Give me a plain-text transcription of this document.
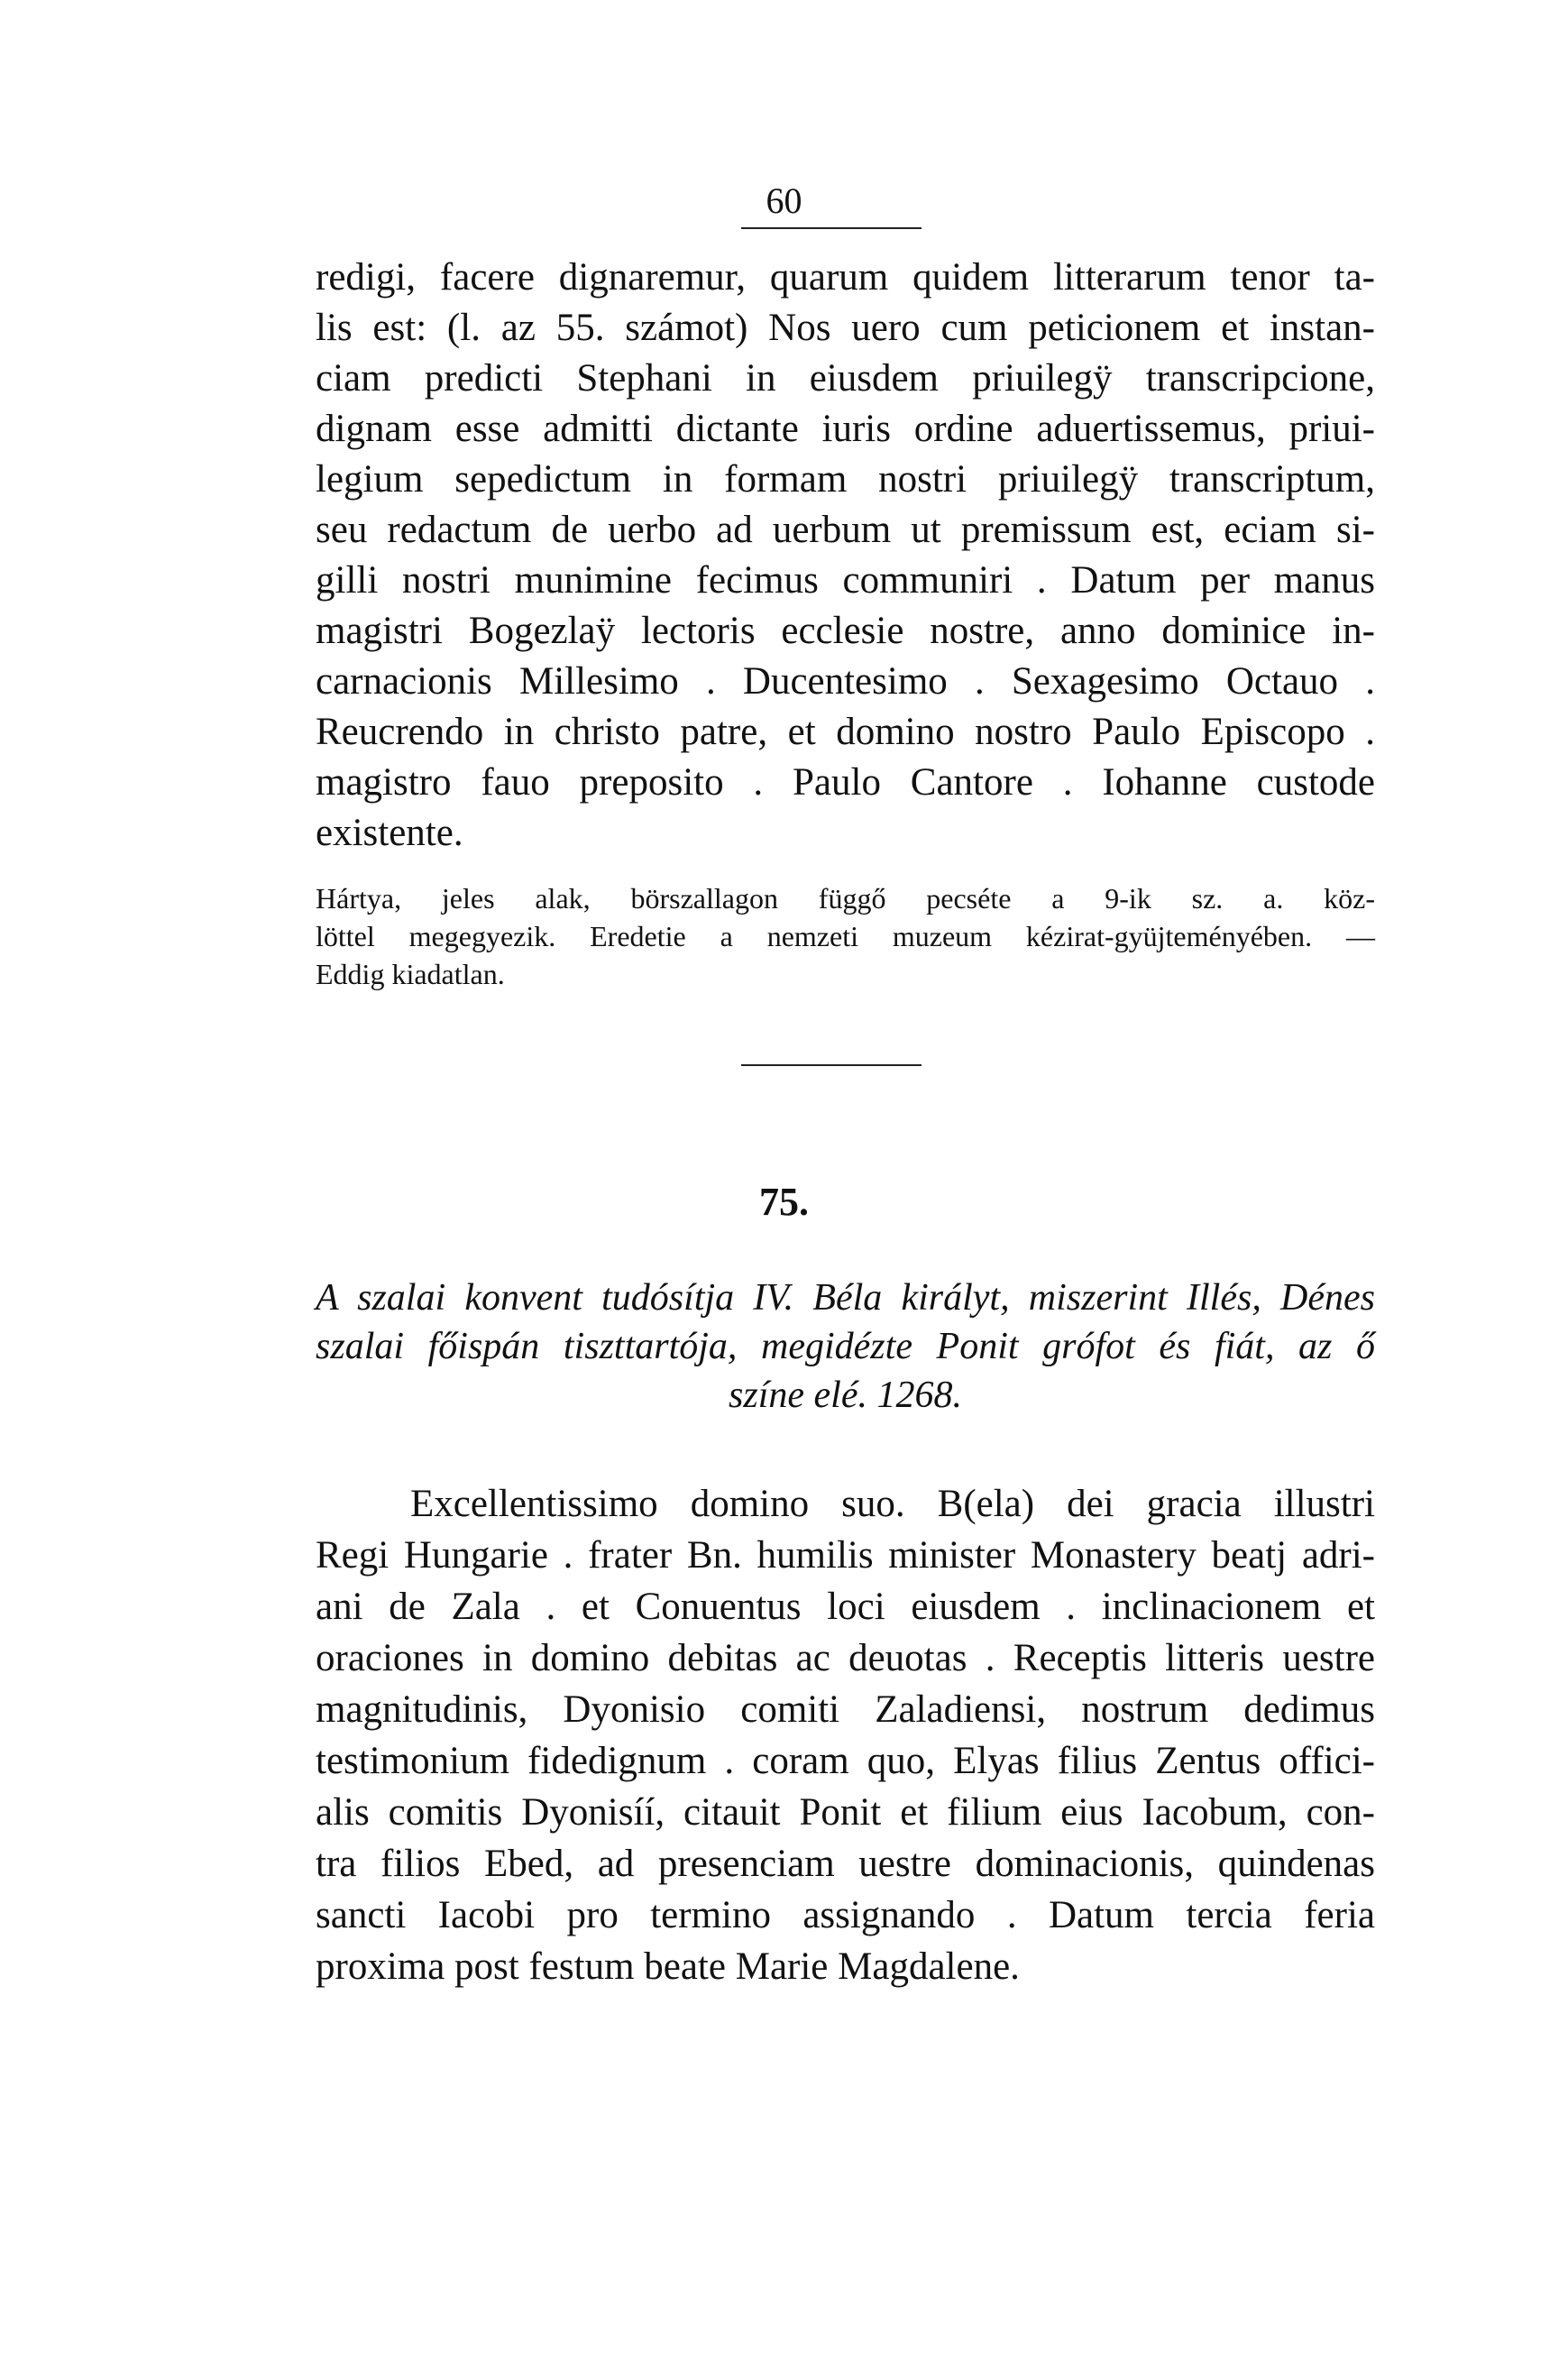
60
redigi, facere dignaremur, quarum quidem litterarum tenor ta-
lis est: (l. az 55. számot) Nos uero cum peticionem et instan-
ciam predicti Stephani in eiusdem priuilegÿ transcripcione,
dignam esse admitti dictante iuris ordine aduertissemus, priui-
legium sepedictum in formam nostri priuilegÿ transcriptum,
seu redactum de uerbo ad uerbum ut premissum est, eciam si-
gilli nostri munimine fecimus communiri . Datum per manus
magistri Bogezlaÿ lectoris ecclesie nostre, anno dominice in-
carnacionis Millesimo . Ducentesimo . Sexagesimo Octauo .
Reucrendo in christo patre, et domino nostro Paulo Episcopo .
magistro fauo preposito . Paulo Cantore . Iohanne custode
existente.
Hártya, jeles alak, börszallagon függő pecséte a 9-ik sz. a. köz-
löttel megegyezik. Eredetie a nemzeti muzeum kézirat-gyüjteményében. —
Eddig kiadatlan.
75.
A szalai konvent tudósítja IV. Béla királyt, miszerint Illés, Dénes
szalai főispán tiszttartója, megidézte Ponit grófot és fiát, az ő
színe elé. 1268.
Excellentissimo domino suo. B(ela) dei gracia illustri
Regi Hungarie . frater Bn. humilis minister Monastery beatj adri-
ani de Zala . et Conuentus loci eiusdem . inclinacionem et
oraciones in domino debitas ac deuotas . Receptis litteris uestre
magnitudinis, Dyonisio comiti Zaladiensi, nostrum dedimus
testimonium fidedignum . coram quo, Elyas filius Zentus offici-
alis comitis Dyonisíí, citauit Ponit et filium eius Iacobum, con-
tra filios Ebed, ad presenciam uestre dominacionis, quindenas
sancti Iacobi pro termino assignando . Datum tercia feria
proxima post festum beate Marie Magdalene.
